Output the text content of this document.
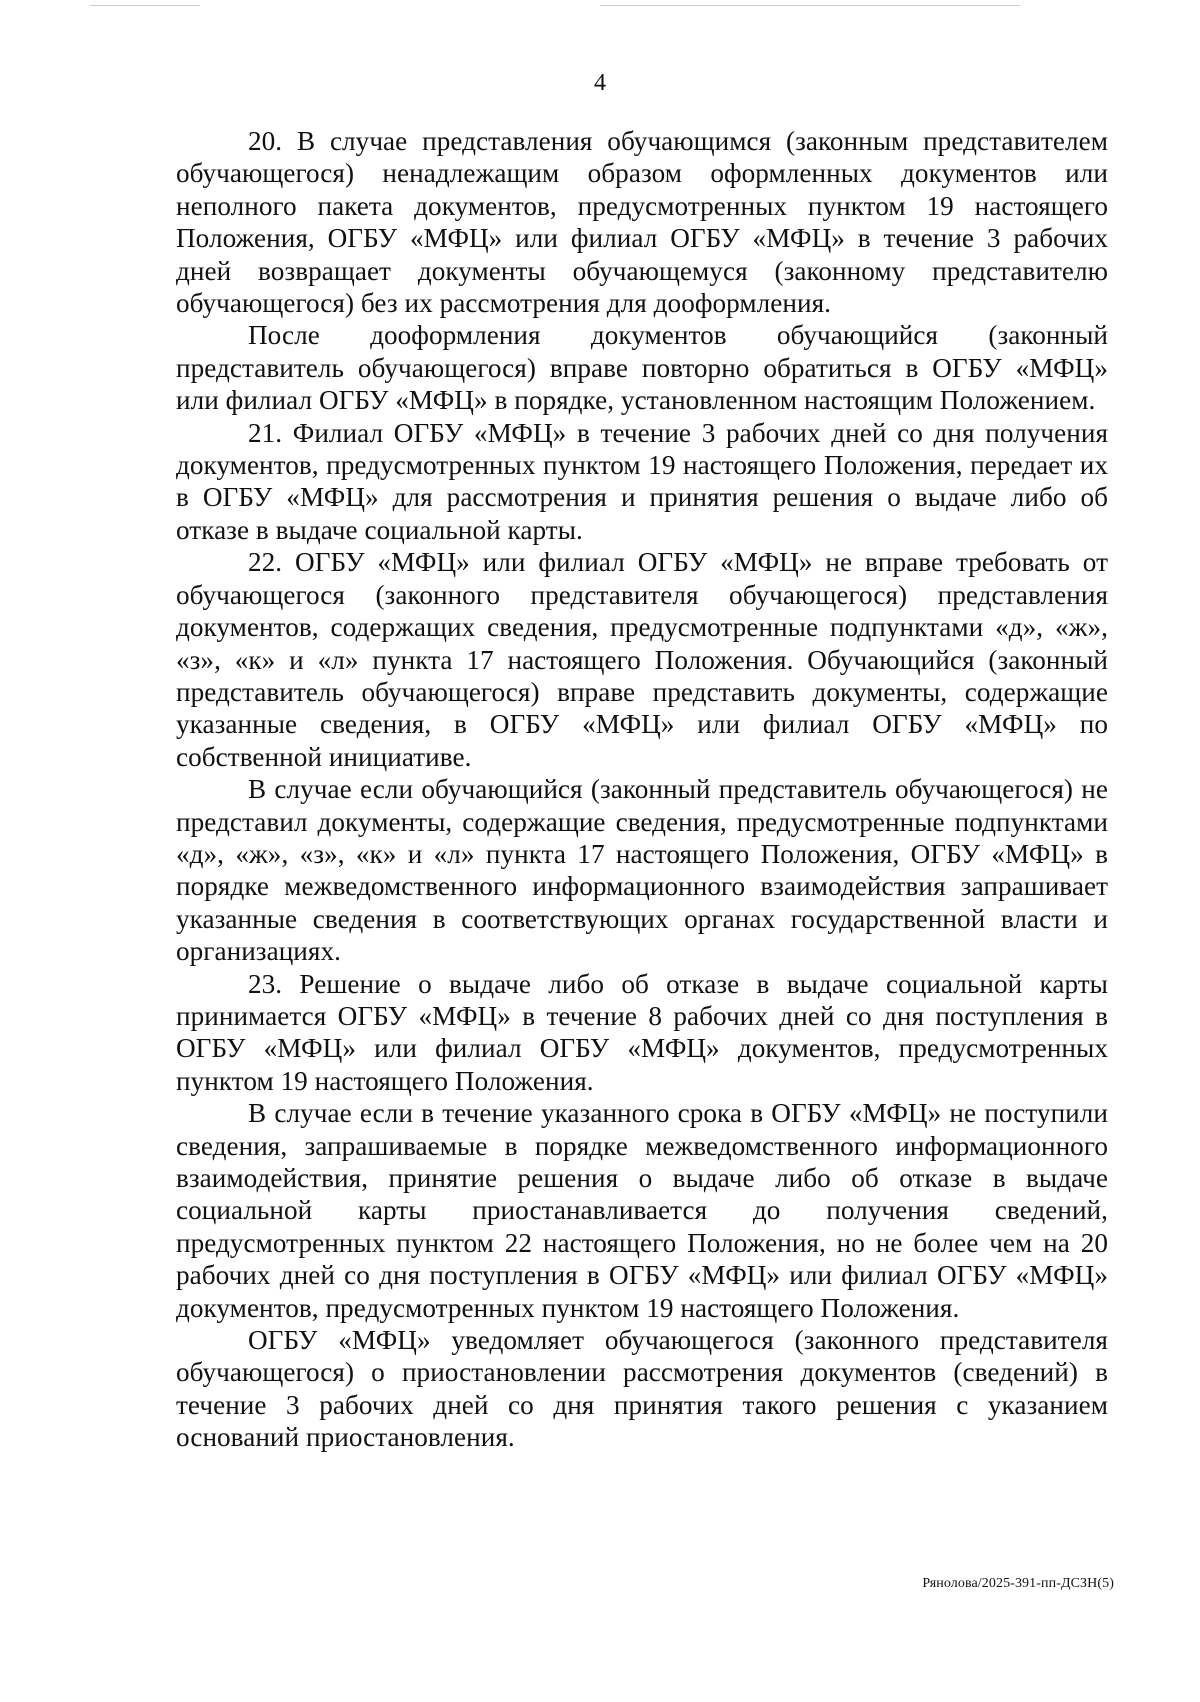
4

20. В случае представления обучающимся (законным представителем обучающегося) ненадлежащим образом оформленных документов или неполного пакета документов, предусмотренных пунктом 19 настоящего Положения, ОГБУ «МФЦ» или филиал ОГБУ «МФЦ» в течение 3 рабочих дней возвращает документы обучающемуся (законному представителю обучающегося) без их рассмотрения для дооформления.

После дооформления документов обучающийся (законный представитель обучающегося) вправе повторно обратиться в ОГБУ «МФЦ» или филиал ОГБУ «МФЦ» в порядке, установленном настоящим Положением.

21. Филиал ОГБУ «МФЦ» в течение 3 рабочих дней со дня получения документов, предусмотренных пунктом 19 настоящего Положения, передает их в ОГБУ «МФЦ» для рассмотрения и принятия решения о выдаче либо об отказе в выдаче социальной карты.

22. ОГБУ «МФЦ» или филиал ОГБУ «МФЦ» не вправе требовать от обучающегося (законного представителя обучающегося) представления документов, содержащих сведения, предусмотренные подпунктами «д», «ж», «з», «к» и «л» пункта 17 настоящего Положения. Обучающийся (законный представитель обучающегося) вправе представить документы, содержащие указанные сведения, в ОГБУ «МФЦ» или филиал ОГБУ «МФЦ» по собственной инициативе.

В случае если обучающийся (законный представитель обучающегося) не представил документы, содержащие сведения, предусмотренные подпунктами «д», «ж», «з», «к» и «л» пункта 17 настоящего Положения, ОГБУ «МФЦ» в порядке межведомственного информационного взаимодействия запрашивает указанные сведения в соответствующих органах государственной власти и организациях.

23. Решение о выдаче либо об отказе в выдаче социальной карты принимается ОГБУ «МФЦ» в течение 8 рабочих дней со дня поступления в ОГБУ «МФЦ» или филиал ОГБУ «МФЦ» документов, предусмотренных пунктом 19 настоящего Положения.

В случае если в течение указанного срока в ОГБУ «МФЦ» не поступили сведения, запрашиваемые в порядке межведомственного информационного взаимодействия, принятие решения о выдаче либо об отказе в выдаче социальной карты приостанавливается до получения сведений, предусмотренных пунктом 22 настоящего Положения, но не более чем на 20 рабочих дней со дня поступления в ОГБУ «МФЦ» или филиал ОГБУ «МФЦ» документов, предусмотренных пунктом 19 настоящего Положения.

ОГБУ «МФЦ» уведомляет обучающегося (законного представителя обучающегося) о приостановлении рассмотрения документов (сведений) в течение 3 рабочих дней со дня принятия такого решения с указанием оснований приостановления.

Рянолова/2025-391-пп-ДСЗН(5)
